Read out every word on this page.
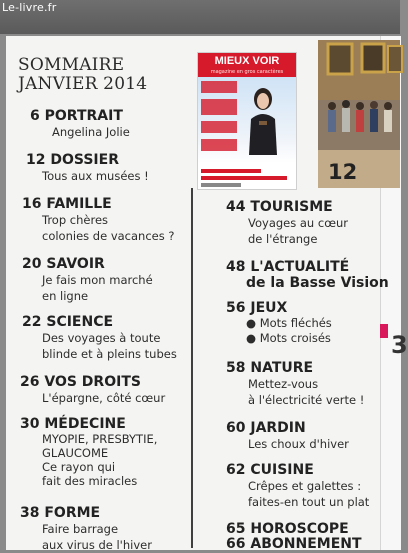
Le-livre.fr
3
SOMMAIRE
JANVIER 2014
MIEUX VOIR
magazine en gros caractères
12
6 PORTRAIT
Angelina Jolie
12 DOSSIER
Tous aux musées !
16 FAMILLE
Trop chères
colonies de vacances ?
20 SAVOIR
Je fais mon marché
en ligne
22 SCIENCE
Des voyages à toute
blinde et à pleins tubes
26 VOS DROITS
L'épargne, côté cœur
30 MÉDECINE
MYOPIE, PRESBYTIE,
GLAUCOME
Ce rayon qui
fait des miracles
38 FORME
Faire barrage
aux virus de l'hiver
44 TOURISME
Voyages au cœur
de l'étrange
48 L'ACTUALITÉ
de la Basse Vision
56 JEUX
● Mots fléchés
● Mots croisés
58 NATURE
Mettez-vous
à l'électricité verte !
60 JARDIN
Les choux d'hiver
62 CUISINE
Crêpes et galettes :
faites-en tout un plat
65 HOROSCOPE
66 ABONNEMENT
